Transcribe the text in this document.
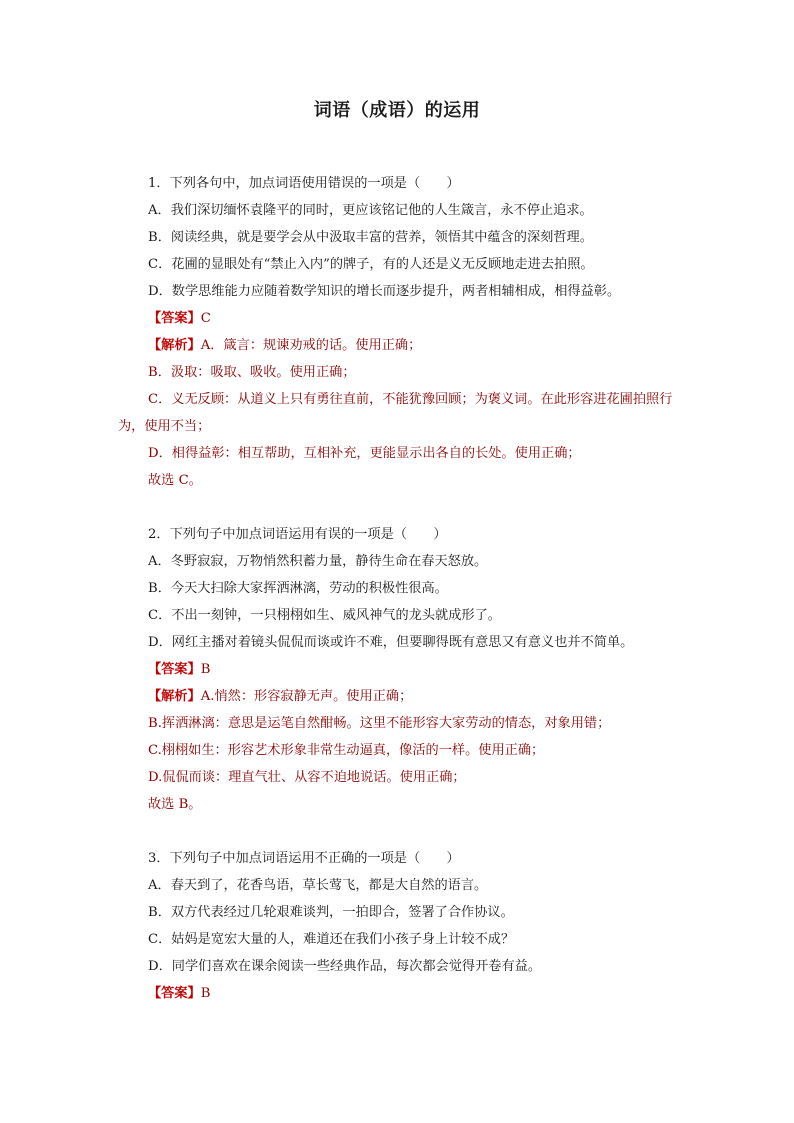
词语（成语）的运用
1．下列各句中，加点词语使用错误的一项是（　　）
A．我们深切缅怀袁隆平的同时，更应该铭记他的人生箴言，永不停止追求。
B．阅读经典，就是要学会从中汲取丰富的营养，领悟其中蕴含的深刻哲理。
C．花圃的显眼处有“禁止入内”的牌子，有的人还是义无反顾地走进去拍照。
D．数学思维能力应随着数学知识的增长而逐步提升，两者相辅相成，相得益彰。
【答案】C
【解析】A．箴言：规谏劝戒的话。使用正确；
B．汲取：吸取、吸收。使用正确；
C．义无反顾：从道义上只有勇往直前，不能犹豫回顾；为褒义词。在此形容进花圃拍照行为，使用不当；
D．相得益彰：相互帮助，互相补充，更能显示出各自的长处。使用正确；
故选 C。
2．下列句子中加点词语运用有误的一项是（　　）
A．冬野寂寂，万物悄然积蓄力量，静待生命在春天怒放。
B．今天大扫除大家挥洒淋漓，劳动的积极性很高。
C．不出一刻钟，一只栩栩如生、威风神气的龙头就成形了。
D．网红主播对着镜头侃侃而谈或许不难，但要聊得既有意思又有意义也并不简单。
【答案】B
【解析】A.悄然：形容寂静无声。使用正确；
B.挥洒淋漓：意思是运笔自然酣畅。这里不能形容大家劳动的情态，对象用错；
C.栩栩如生：形容艺术形象非常生动逼真，像活的一样。使用正确；
D.侃侃而谈：理直气壮、从容不迫地说话。使用正确；
故选 B。
3．下列句子中加点词语运用不正确的一项是（　　）
A．春天到了，花香鸟语，草长莺飞，都是大自然的语言。
B．双方代表经过几轮艰难谈判，一拍即合，签署了合作协议。
C．姑妈是宽宏大量的人，难道还在我们小孩子身上计较不成？
D．同学们喜欢在课余阅读一些经典作品，每次都会觉得开卷有益。
【答案】B
